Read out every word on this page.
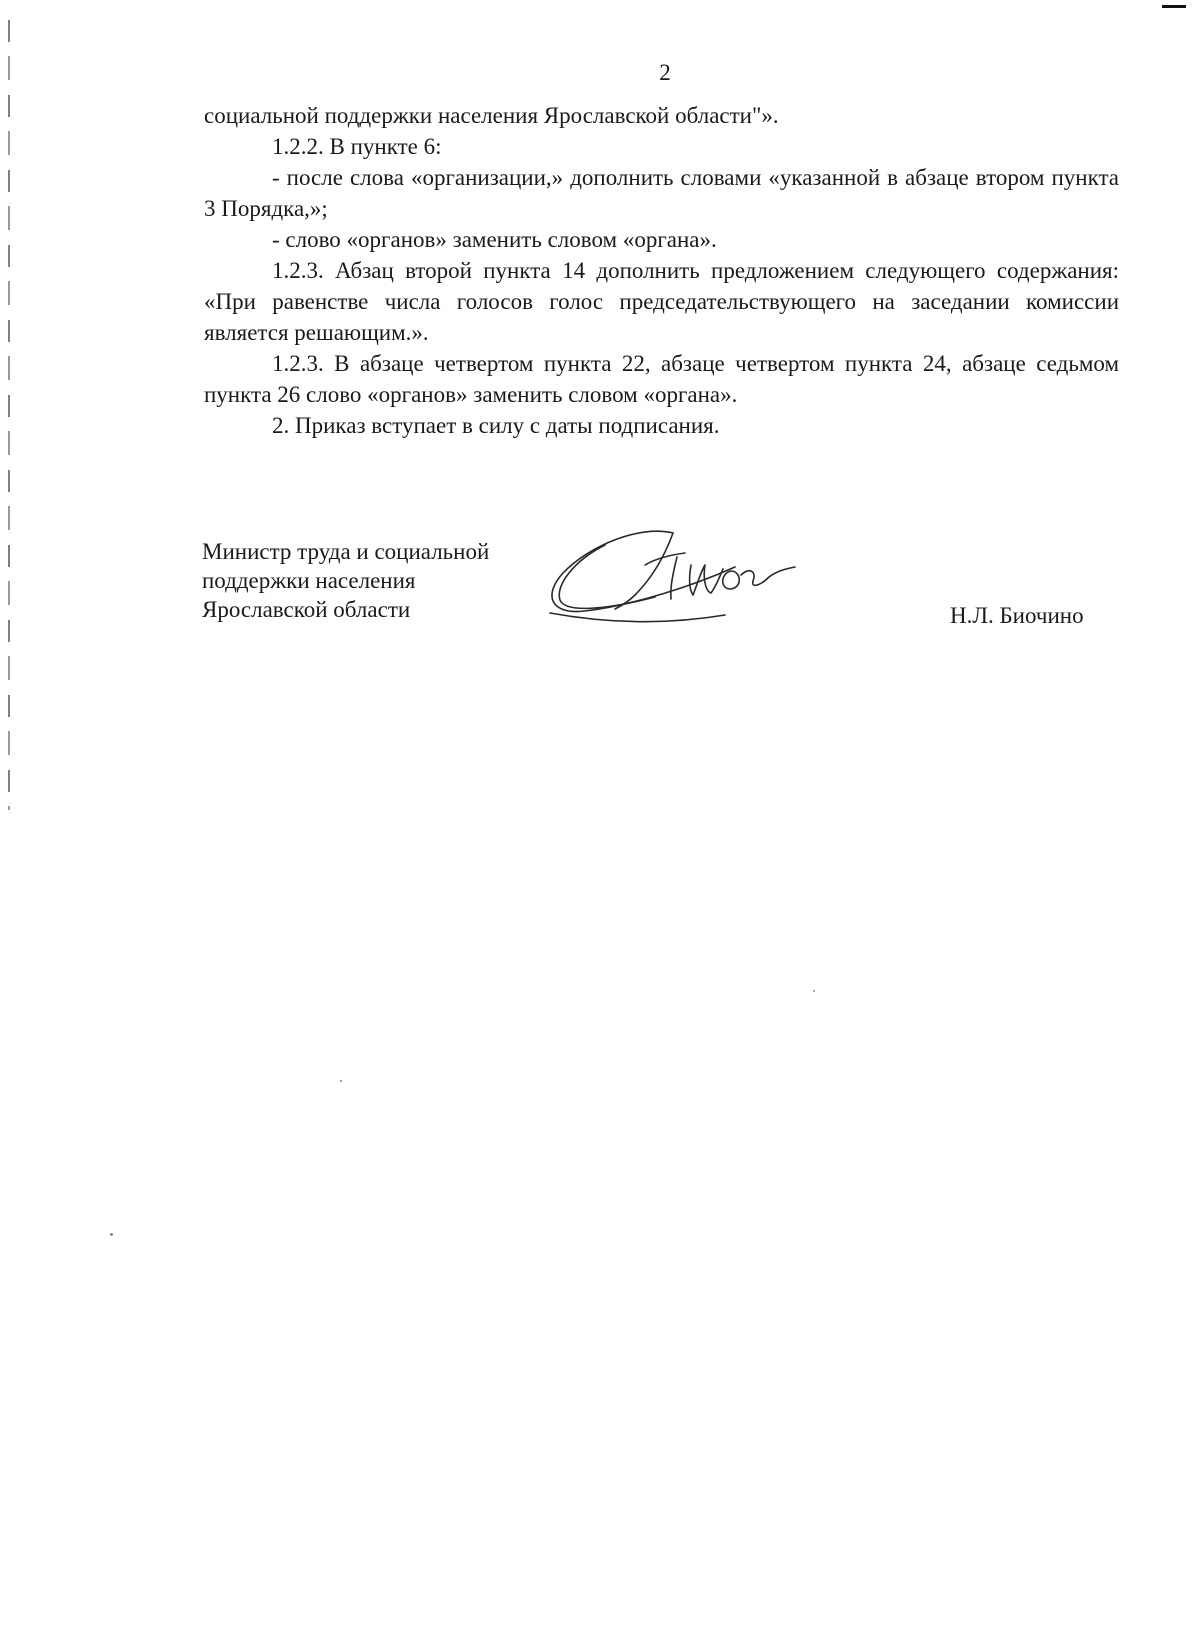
2

социальной поддержки населения Ярославской области"».

1.2.2. В пункте 6:

- после слова «организации,» дополнить словами «указанной в абзаце втором пункта 3 Порядка,»;

- слово «органов» заменить словом «органа».

1.2.3. Абзац второй пункта 14 дополнить предложением следующего содержания: «При равенстве числа голосов голос председательствующего на заседании комиссии является решающим.».

1.2.3. В абзаце четвертом пункта 22, абзаце четвертом пункта 24, абзаце седьмом пункта 26 слово «органов» заменить словом «органа».

2. Приказ вступает в силу с даты подписания.

Министр труда и социальной
поддержки населения
Ярославской области	Н.Л. Биочино
